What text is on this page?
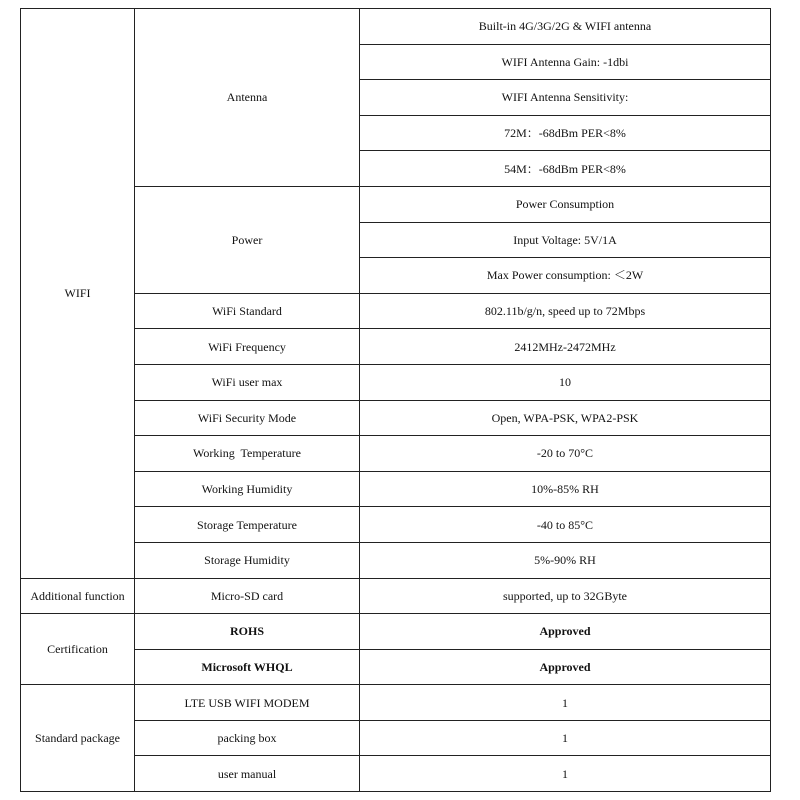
WIFI	Antenna	Built-in 4G/3G/2G & WIFI antenna
		WIFI Antenna Gain: -1dbi
		WIFI Antenna Sensitivity:
		72M：-68dBm PER<8%
		54M：-68dBm PER<8%
	Power	Power Consumption
		Input Voltage: 5V/1A
		Max Power consumption: ＜2W
	WiFi Standard	802.11b/g/n, speed up to 72Mbps
	WiFi Frequency	2412MHz-2472MHz
	WiFi user max	10
	WiFi Security Mode	Open, WPA-PSK, WPA2-PSK
	Working  Temperature	-20 to 70°C
	Working Humidity	10%-85% RH
	Storage Temperature	-40 to 85°C
	Storage Humidity	5%-90% RH
Additional function	Micro-SD card	supported, up to 32GByte
Certification	ROHS	Approved
	Microsoft WHQL	Approved
Standard package	LTE USB WIFI MODEM	1
	packing box	1
	user manual	1
